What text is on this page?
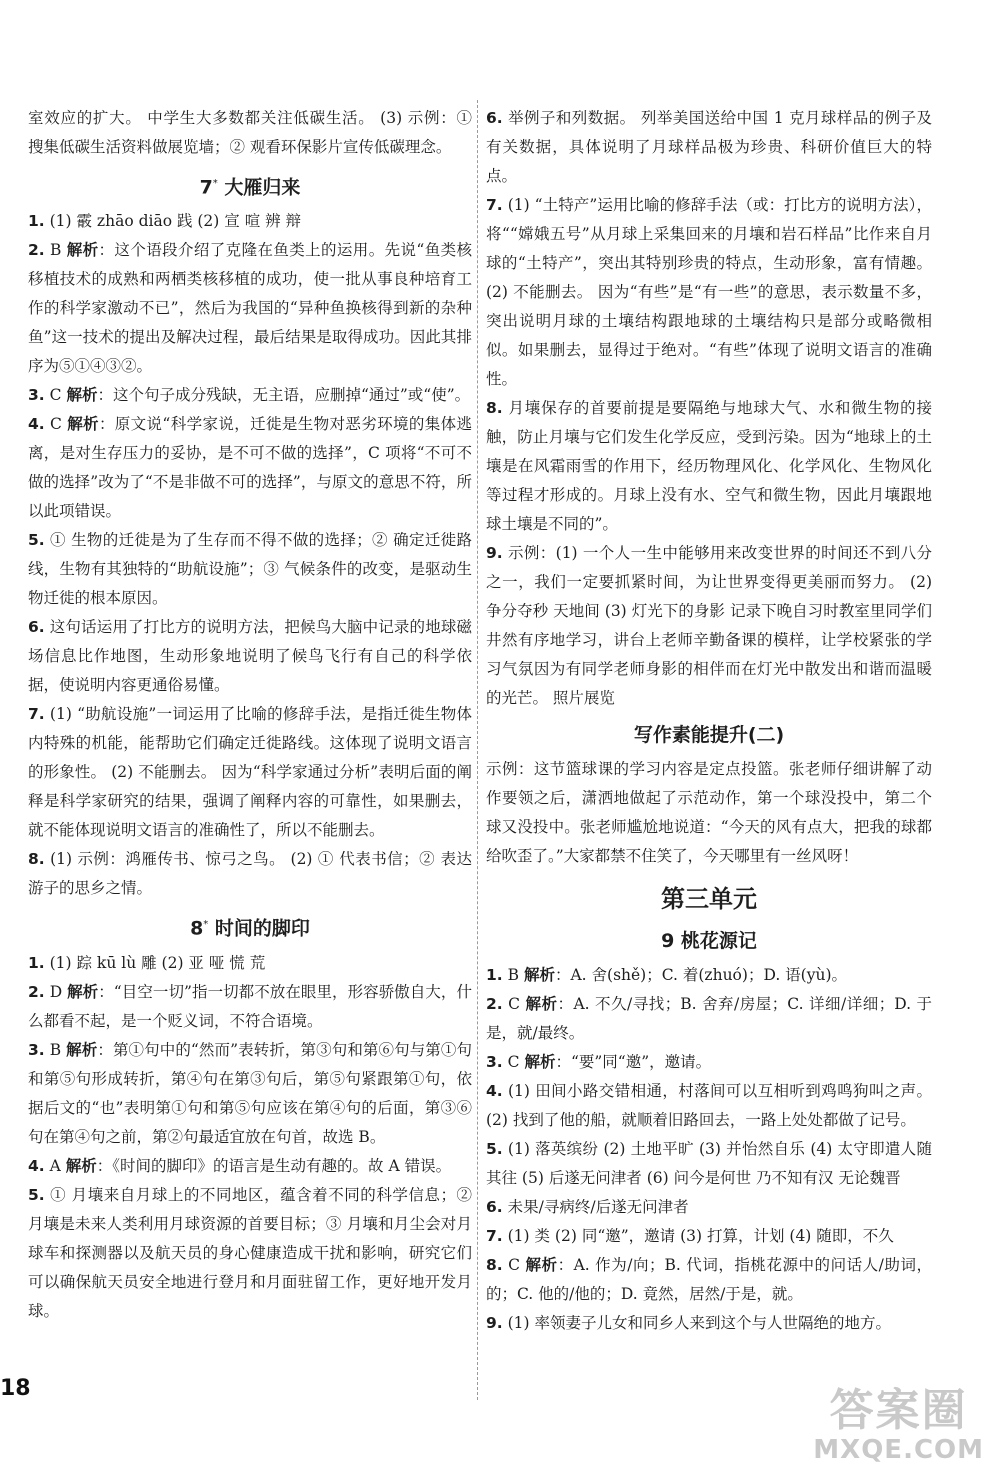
室效应的扩大。 中学生大多数都关注低碳生活。 (3) 示例：① 搜集低碳生活资料做展览墙；② 观看环保影片宣传低碳理念。

7* 大雁归来

1. (1) 霰 zhāo diāo 践 (2) 宣 喧 辨 辩

2. B 解析：这个语段介绍了克隆在鱼类上的运用。先说“鱼类核移植技术的成熟和两栖类核移植的成功，使一批从事良种培育工作的科学家激动不已”，然后为我国的“异种鱼换核得到新的杂种鱼”这一技术的提出及解决过程，最后结果是取得成功。因此其排序为⑤①④③②。

3. C 解析：这个句子成分残缺，无主语，应删掉“通过”或“使”。

4. C 解析：原文说“科学家说，迁徙是生物对恶劣环境的集体逃离，是对生存压力的妥协，是不可不做的选择”，C 项将“不可不做的选择”改为了“不是非做不可的选择”，与原文的意思不符，所以此项错误。

5. ① 生物的迁徙是为了生存而不得不做的选择；② 确定迁徙路线，生物有其独特的“助航设施”；③ 气候条件的改变，是驱动生物迁徙的根本原因。

6. 这句话运用了打比方的说明方法，把候鸟大脑中记录的地球磁场信息比作地图，生动形象地说明了候鸟飞行有自己的科学依据，使说明内容更通俗易懂。

7. (1) “助航设施”一词运用了比喻的修辞手法，是指迁徙生物体内特殊的机能，能帮助它们确定迁徙路线。这体现了说明文语言的形象性。 (2) 不能删去。 因为“科学家通过分析”表明后面的阐释是科学家研究的结果，强调了阐释内容的可靠性，如果删去，就不能体现说明文语言的准确性了，所以不能删去。

8. (1) 示例：鸿雁传书、惊弓之鸟。 (2) ① 代表书信；② 表达游子的思乡之情。

8* 时间的脚印

1. (1) 踪 kū lù 雕 (2) 亚 哑 慌 荒

2. D 解析：“目空一切”指一切都不放在眼里，形容骄傲自大，什么都看不起，是一个贬义词，不符合语境。

3. B 解析：第①句中的“然而”表转折，第③句和第⑥句与第①句和第⑤句形成转折，第④句在第③句后，第⑤句紧跟第①句，依据后文的“也”表明第①句和第⑤句应该在第④句的后面，第③⑥句在第④句之前，第②句最适宜放在句首，故选 B。

4. A 解析：《时间的脚印》的语言是生动有趣的。故 A 错误。

5. ① 月壤来自月球上的不同地区，蕴含着不同的科学信息；② 月壤是未来人类利用月球资源的首要目标；③ 月壤和月尘会对月球车和探测器以及航天员的身心健康造成干扰和影响，研究它们可以确保航天员安全地进行登月和月面驻留工作，更好地开发月球。

6. 举例子和列数据。 列举美国送给中国 1 克月球样品的例子及有关数据，具体说明了月球样品极为珍贵、科研价值巨大的特点。

7. (1) “土特产”运用比喻的修辞手法（或：打比方的说明方法），将““嫦娥五号”从月球上采集回来的月壤和岩石样品”比作来自月球的“土特产”，突出其特别珍贵的特点，生动形象，富有情趣。 (2) 不能删去。 因为“有些”是“有一些”的意思，表示数量不多，突出说明月球的土壤结构跟地球的土壤结构只是部分或略微相似。如果删去，显得过于绝对。“有些”体现了说明文语言的准确性。

8. 月壤保存的首要前提是要隔绝与地球大气、水和微生物的接触，防止月壤与它们发生化学反应，受到污染。因为“地球上的土壤是在风霜雨雪的作用下，经历物理风化、化学风化、生物风化等过程才形成的。月球上没有水、空气和微生物，因此月壤跟地球土壤是不同的”。

9. 示例：(1) 一个人一生中能够用来改变世界的时间还不到八分之一，我们一定要抓紧时间，为让世界变得更美丽而努力。 (2) 争分夺秒 天地间 (3) 灯光下的身影 记录下晚自习时教室里同学们井然有序地学习，讲台上老师辛勤备课的模样，让学校紧张的学习气氛因为有同学老师身影的相伴而在灯光中散发出和谐而温暖的光芒。 照片展览

写作素能提升(二)

示例：这节篮球课的学习内容是定点投篮。张老师仔细讲解了动作要领之后，潇洒地做起了示范动作，第一个球没投中，第二个球又没投中。张老师尴尬地说道：“今天的风有点大，把我的球都给吹歪了。”大家都禁不住笑了，今天哪里有一丝风呀！

第三单元
9 桃花源记

1. B 解析：A. 舍(shě)；C. 着(zhuó)；D. 语(yù)。

2. C 解析：A. 不久/寻找；B. 舍弃/房屋；C. 详细/详细；D. 于是，就/最终。

3. C 解析：“要”同“邀”，邀请。

4. (1) 田间小路交错相通，村落间可以互相听到鸡鸣狗叫之声。 (2) 找到了他的船，就顺着旧路回去，一路上处处都做了记号。

5. (1) 落英缤纷 (2) 土地平旷 (3) 并怡然自乐 (4) 太守即遣人随其往 (5) 后遂无问津者 (6) 问今是何世 乃不知有汉 无论魏晋

6. 未果/寻病终/后遂无问津者

7. (1) 类 (2) 同“邀”，邀请 (3) 打算，计划 (4) 随即，不久

8. C 解析：A. 作为/向；B. 代词，指桃花源中的问话人/助词，的；C. 他的/他的；D. 竟然，居然/于是，就。

9. (1) 率领妻子儿女和同乡人来到这个与人世隔绝的地方。

18	答案圈
MXQE.COM
